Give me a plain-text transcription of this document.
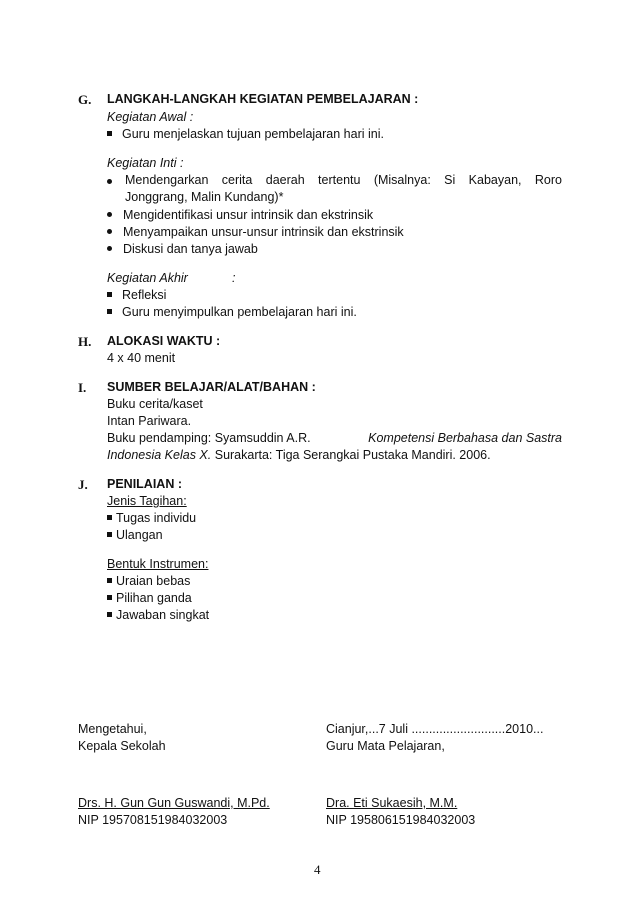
G. LANGKAH-LANGKAH KEGIATAN PEMBELAJARAN :
Kegiatan Awal :
Guru menjelaskan tujuan pembelajaran hari ini.
Kegiatan Inti :
Mendengarkan cerita daerah tertentu (Misalnya: Si Kabayan, Roro
Jonggrang, Malin Kundang)*
Mengidentifikasi unsur intrinsik dan ekstrinsik
Menyampaikan unsur-unsur intrinsik dan ekstrinsik
Diskusi dan tanya jawab
Kegiatan Akhir	:
Refleksi
Guru menyimpulkan pembelajaran hari ini.
H. ALOKASI WAKTU :
4 x 40 menit
I. SUMBER BELAJAR/ALAT/BAHAN :
Buku cerita/kaset
Intan Pariwara.
Buku pendamping: Syamsuddin A.R.	Kompetensi Berbahasa dan Sastra
Indonesia Kelas X. Surakarta: Tiga Serangkai Pustaka Mandiri. 2006.
J. PENILAIAN :
Jenis Tagihan:
Tugas individu
Ulangan
Bentuk Instrumen:
Uraian bebas
Pilihan ganda
Jawaban singkat
Mengetahui,
Kepala Sekolah
Drs. H. Gun Gun Guswandi, M.Pd.
NIP 195708151984032003
Cianjur,...7 Juli ...........................2010...
Guru Mata Pelajaran,
Dra. Eti Sukaesih, M.M.
NIP 195806151984032003
4
